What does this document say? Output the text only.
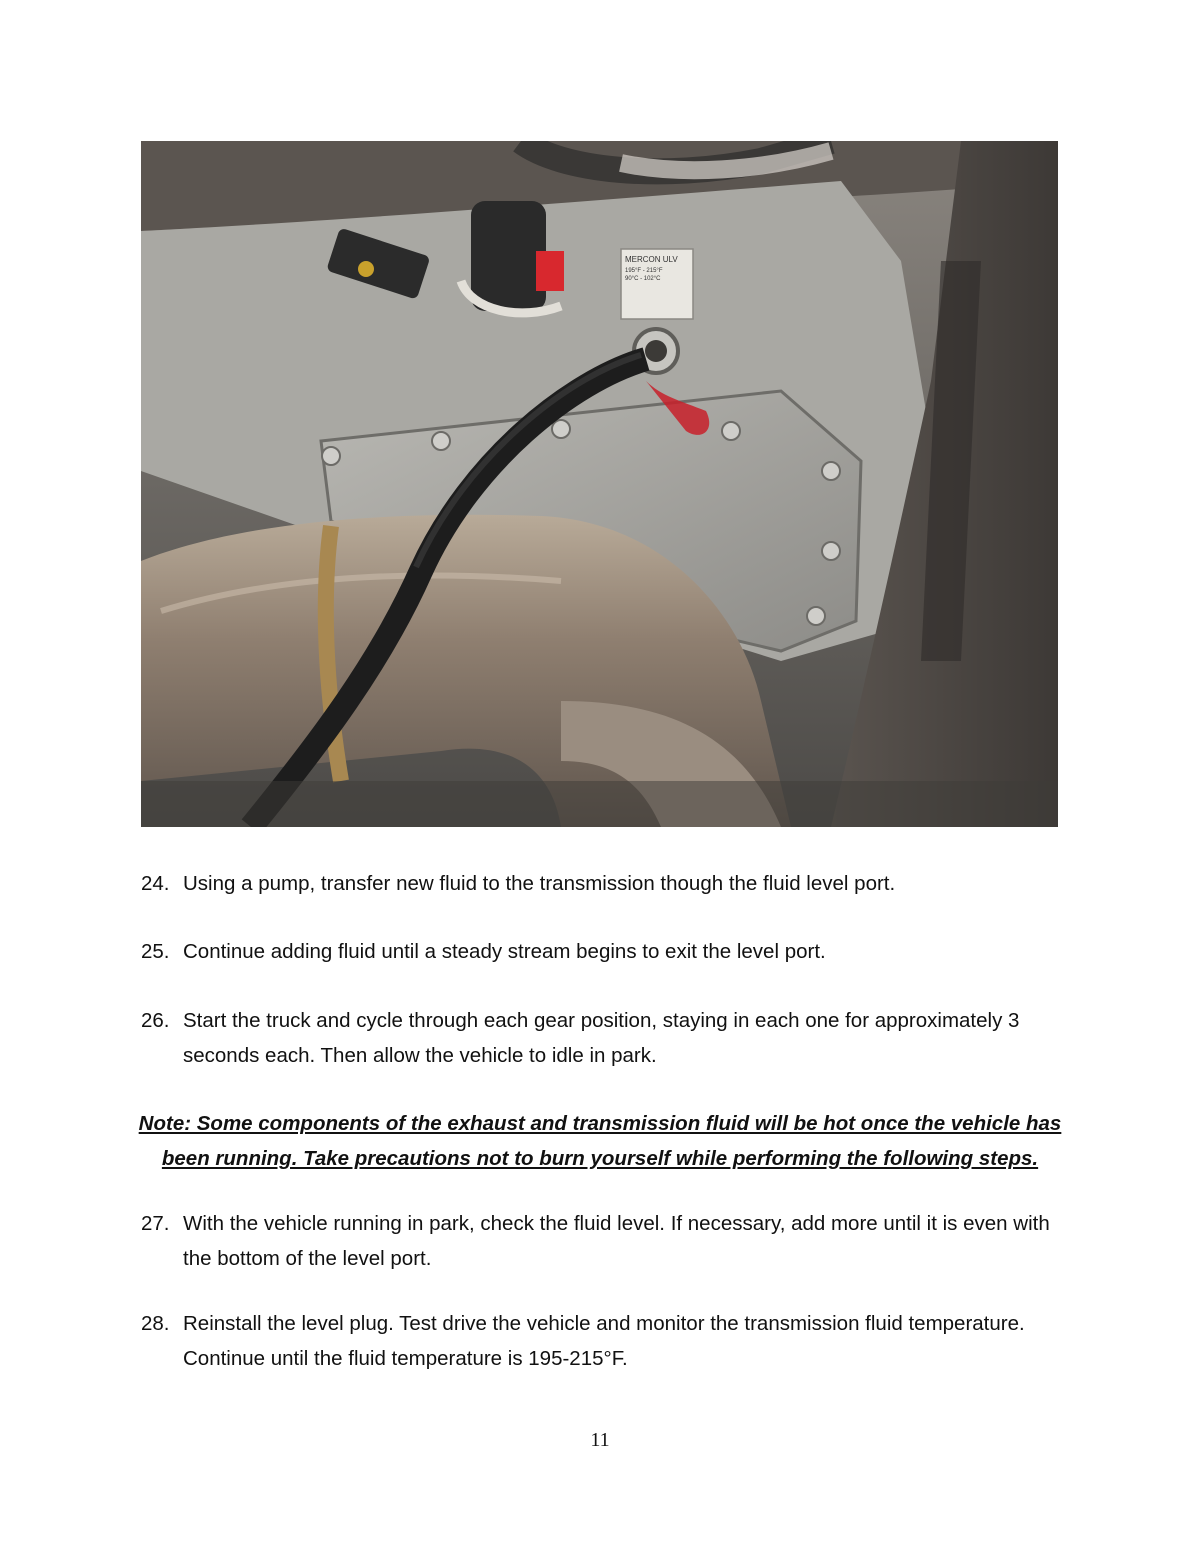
MERCON ULV
195°F - 215°F
90°C - 102°C
24. Using a pump, transfer new fluid to the transmission though the fluid level port.
25. Continue adding fluid until a steady stream begins to exit the level port.
26. Start the truck and cycle through each gear position, staying in each one for approximately 3 seconds each. Then allow the vehicle to idle in park.
Note: Some components of the exhaust and transmission fluid will be hot once the vehicle has been running. Take precautions not to burn yourself while performing the following steps.
27. With the vehicle running in park, check the fluid level. If necessary, add more until it is even with the bottom of the level port.
28. Reinstall the level plug. Test drive the vehicle and monitor the transmission fluid temperature. Continue until the fluid temperature is 195-215°F.
11
